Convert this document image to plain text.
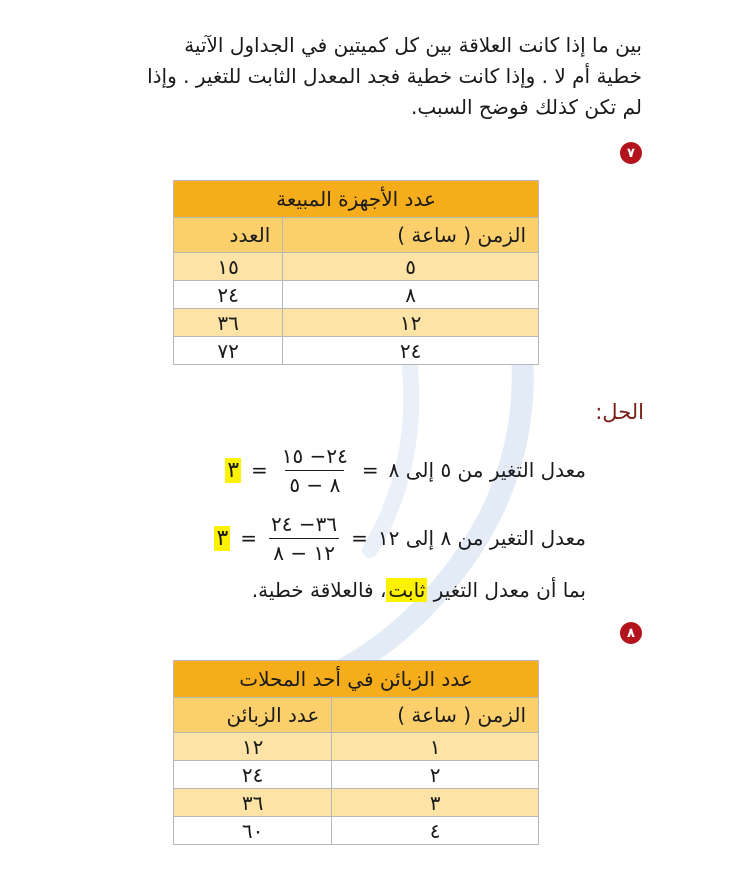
بين ما إذا كانت العلاقة بين كل كميتين في الجداول الآتية
خطية أم لا . وإذا كانت خطية فجد المعدل الثابت للتغير . وإذا
لم تكن كذلك فوضح السبب.
٧
عدد الأجهزة المبيعة	
الزمن ( ساعة )	العدد
٥	١٥
٨	٢٤
١٢	٣٦
٢٤	٧٢
الحل:
معدل التغير من ٥ إلى ٨
=
$\frac{٢٤- ١٥}{٨ - ٥}$
=
٣
معدل التغير من ٨ إلى ١٢
=
$\frac{٣٦- ٢٤}{١٢ - ٨}$
=
٣
بما أن معدل التغير ثابت، فالعلاقة خطية.
٨
عدد الزبائن في أحد المحلات	
الزمن ( ساعة )	عدد الزبائن
١	١٢
٢	٢٤
٣	٣٦
٤	٦٠
